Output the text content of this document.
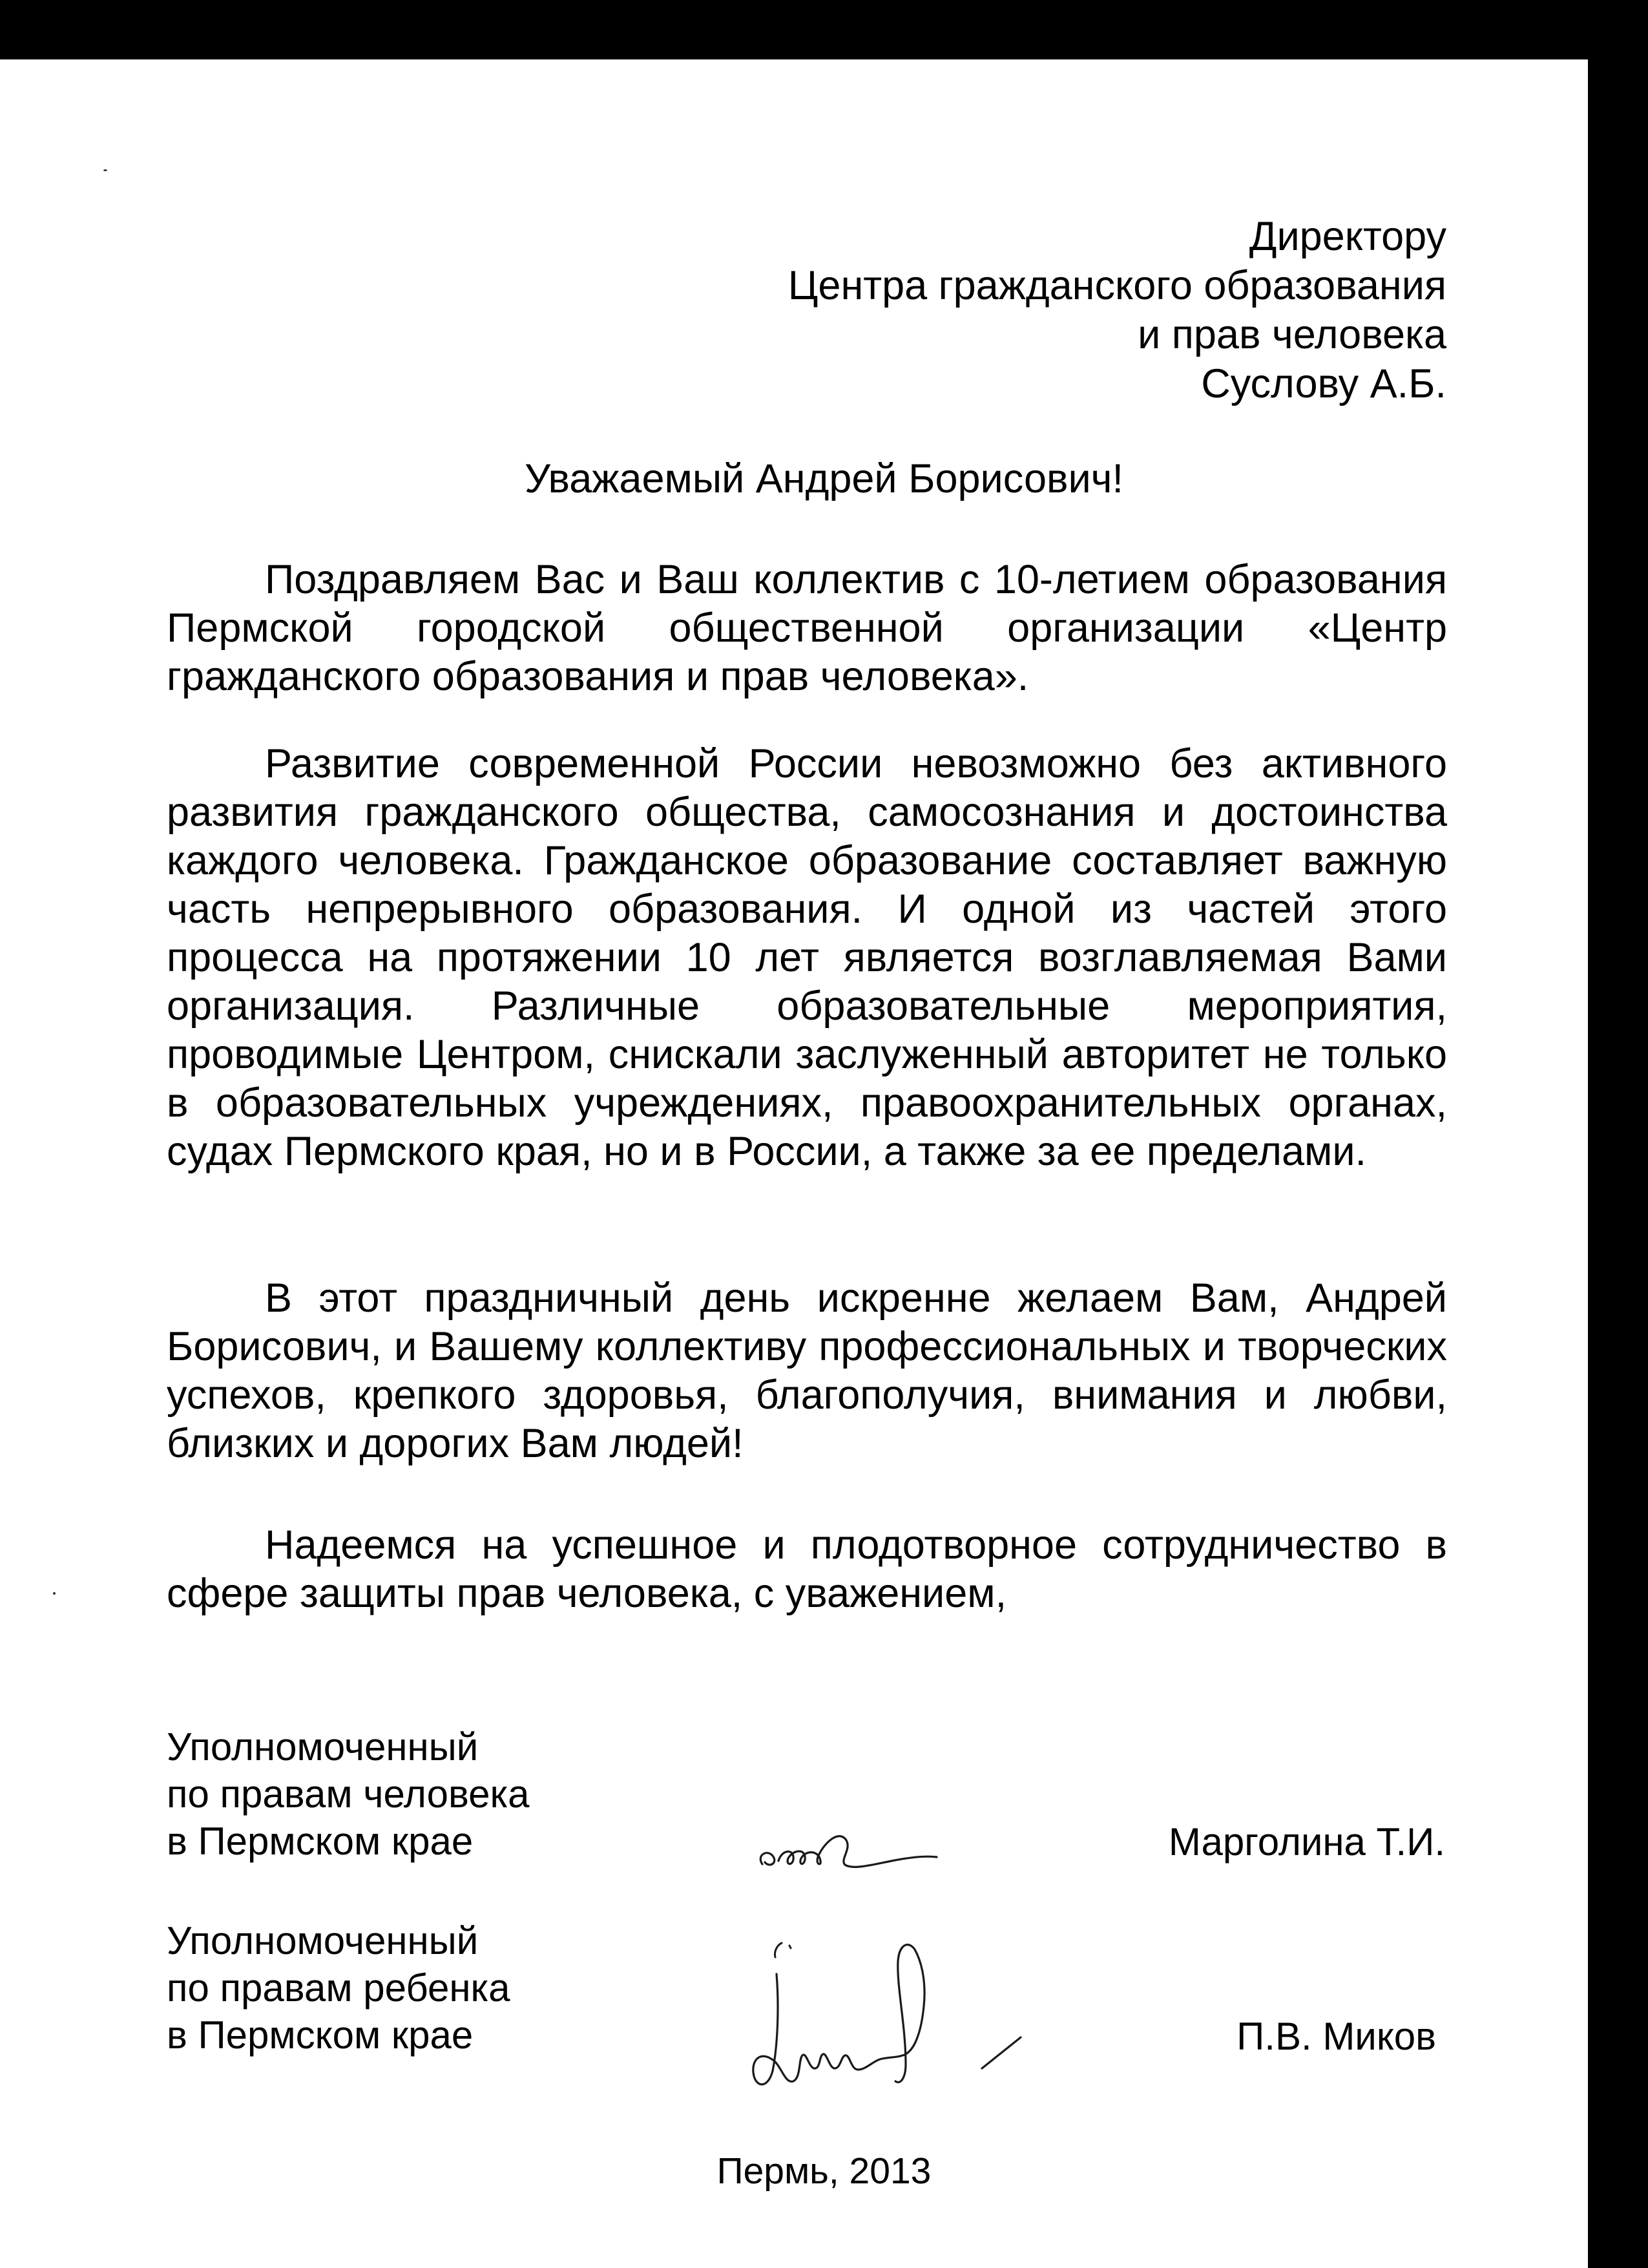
Директору
Центра гражданского образования
и прав человека
Суслову А.Б.
Уважаемый Андрей Борисович!
Поздравляем Вас и Ваш коллектив с 10-летием образования Пермской городской общественной организации «Центр гражданского образования и прав человека».
Развитие современной России невозможно без активного развития гражданского общества, самосознания и достоинства каждого человека. Гражданское образование составляет важную часть непрерывного образования. И одной из частей этого процесса на протяжении 10 лет является возглавляемая Вами организация. Различные образовательные мероприятия, проводимые Центром, снискали заслуженный авторитет не только в образовательных учреждениях, правоохранительных органах, судах Пермского края, но и в России, а также за ее пределами.
В этот праздничный день искренне желаем Вам, Андрей Борисович, и Вашему коллективу профессиональных и творческих успехов, крепкого здоровья, благополучия, внимания и любви, близких и дорогих Вам людей!
Надеемся на успешное и плодотворное сотрудничество в сфере защиты прав человека, с уважением,
Уполномоченный
по правам человека
в Пермском крае	Марголина Т.И.
Уполномоченный
по правам ребенка
в Пермском крае	П.В. Миков
Пермь, 2013
